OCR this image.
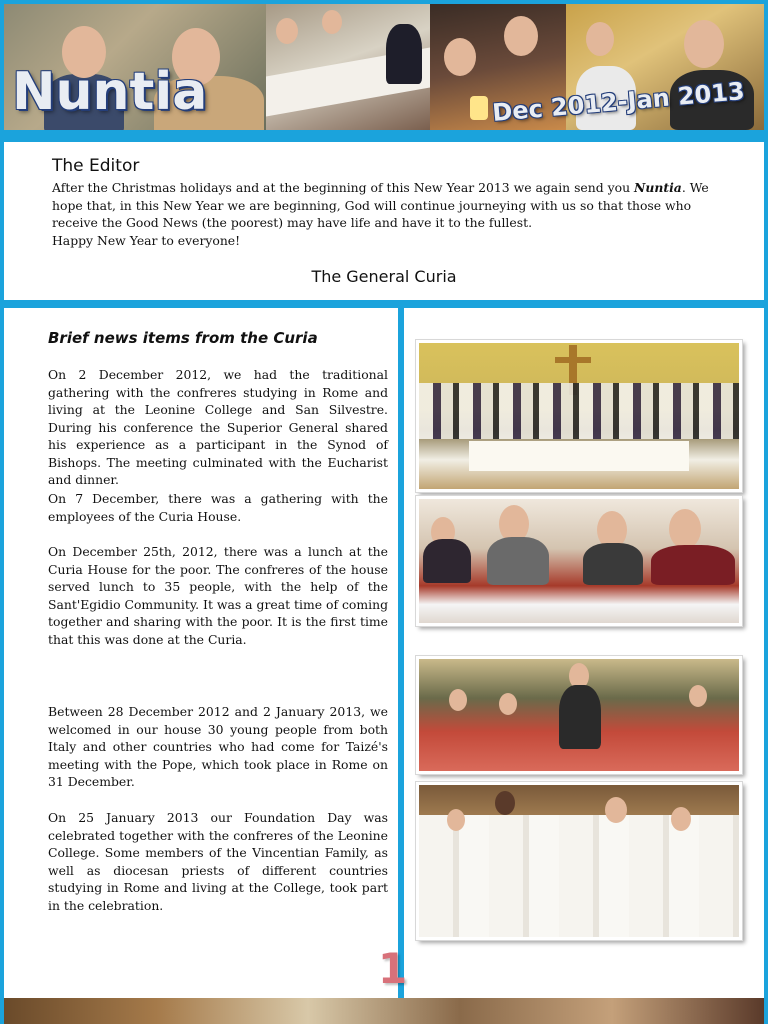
Nuntia	Dec 2012-Jan 2013
The Editor

After the Christmas holidays and at the beginning of this New Year 2013 we again send you Nuntia. We hope that, in this New Year we are beginning, God will continue journeying with us so that those who receive the Good News (the poorest) may have life and have it to the fullest.
Happy New Year to everyone!

The General Curia
Brief news items from the Curia

On 2 December 2012, we had the traditional gathering with the confreres studying in Rome and living at the Leonine College and San Silvestre. During his conference the Superior General shared his experience as a participant in the Synod of Bishops. The meeting culminated with the Eucharist and dinner.

On 7 December, there was a gathering with the employees of the Curia House.

On December 25th, 2012, there was a lunch at the Curia House for the poor. The confreres of the house served lunch to 35 people, with the help of the Sant'Egidio Community. It was a great time of coming together and sharing with the poor. It is the first time that this was done at the Curia.

Between 28 December 2012 and 2 January 2013, we welcomed in our house 30 young people from both Italy and other countries who had come for Taizé's meeting with the Pope, which took place in Rome on 31 December.

On 25 January 2013 our Foundation Day was celebrated together with the confreres of the Leonine College. Some members of the Vincentian Family, as well as diocesan priests of different countries studying in Rome and living at the College, took part in the celebration.

1
